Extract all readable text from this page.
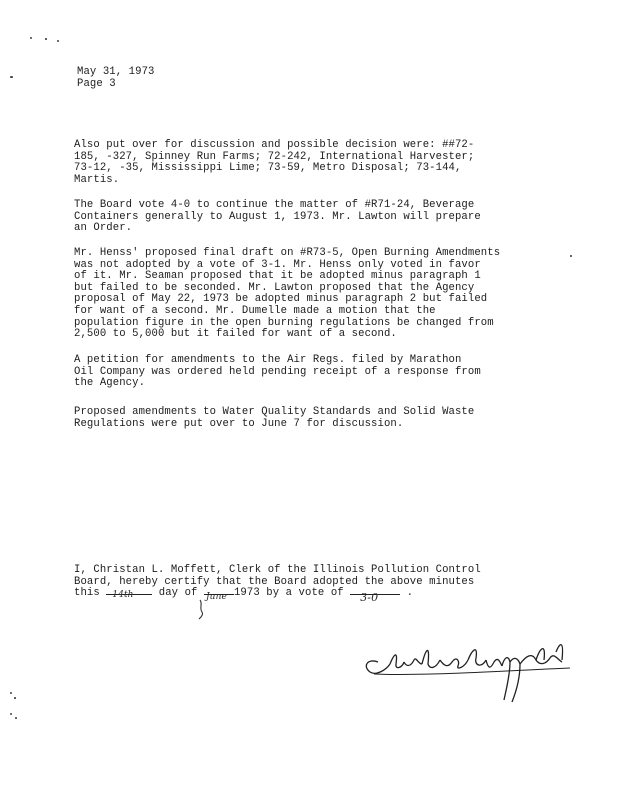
May 31, 1973
Page 3
Also put over for discussion and possible decision were: ##72-
185, -327, Spinney Run Farms; 72-242, International Harvester;
73-12, -35, Mississippi Lime; 73-59, Metro Disposal; 73-144,
Martis.
The Board vote 4-0 to continue the matter of #R71-24, Beverage
Containers generally to August 1, 1973. Mr. Lawton will prepare
an Order.
Mr. Henss' proposed final draft on #R73-5, Open Burning Amendments
was not adopted by a vote of 3-1. Mr. Henss only voted in favor
of it. Mr. Seaman proposed that it be adopted minus paragraph 1
but failed to be seconded. Mr. Lawton proposed that the Agency
proposal of May 22, 1973 be adopted minus paragraph 2 but failed
for want of a second. Mr. Dumelle made a motion that the
population figure in the open burning regulations be changed from
2,500 to 5,000 but it failed for want of a second.
A petition for amendments to the Air Regs. filed by Marathon
Oil Company was ordered held pending receipt of a response from
the Agency.
Proposed amendments to Water Quality Standards and Solid Waste
Regulations were put over to June 7 for discussion.
I, Christan L. Moffett, Clerk of the Illinois Pollution Control
Board, hereby certify that the Board adopted the above minutes
this 14th day of June 1973 by a vote of 3-0 .
